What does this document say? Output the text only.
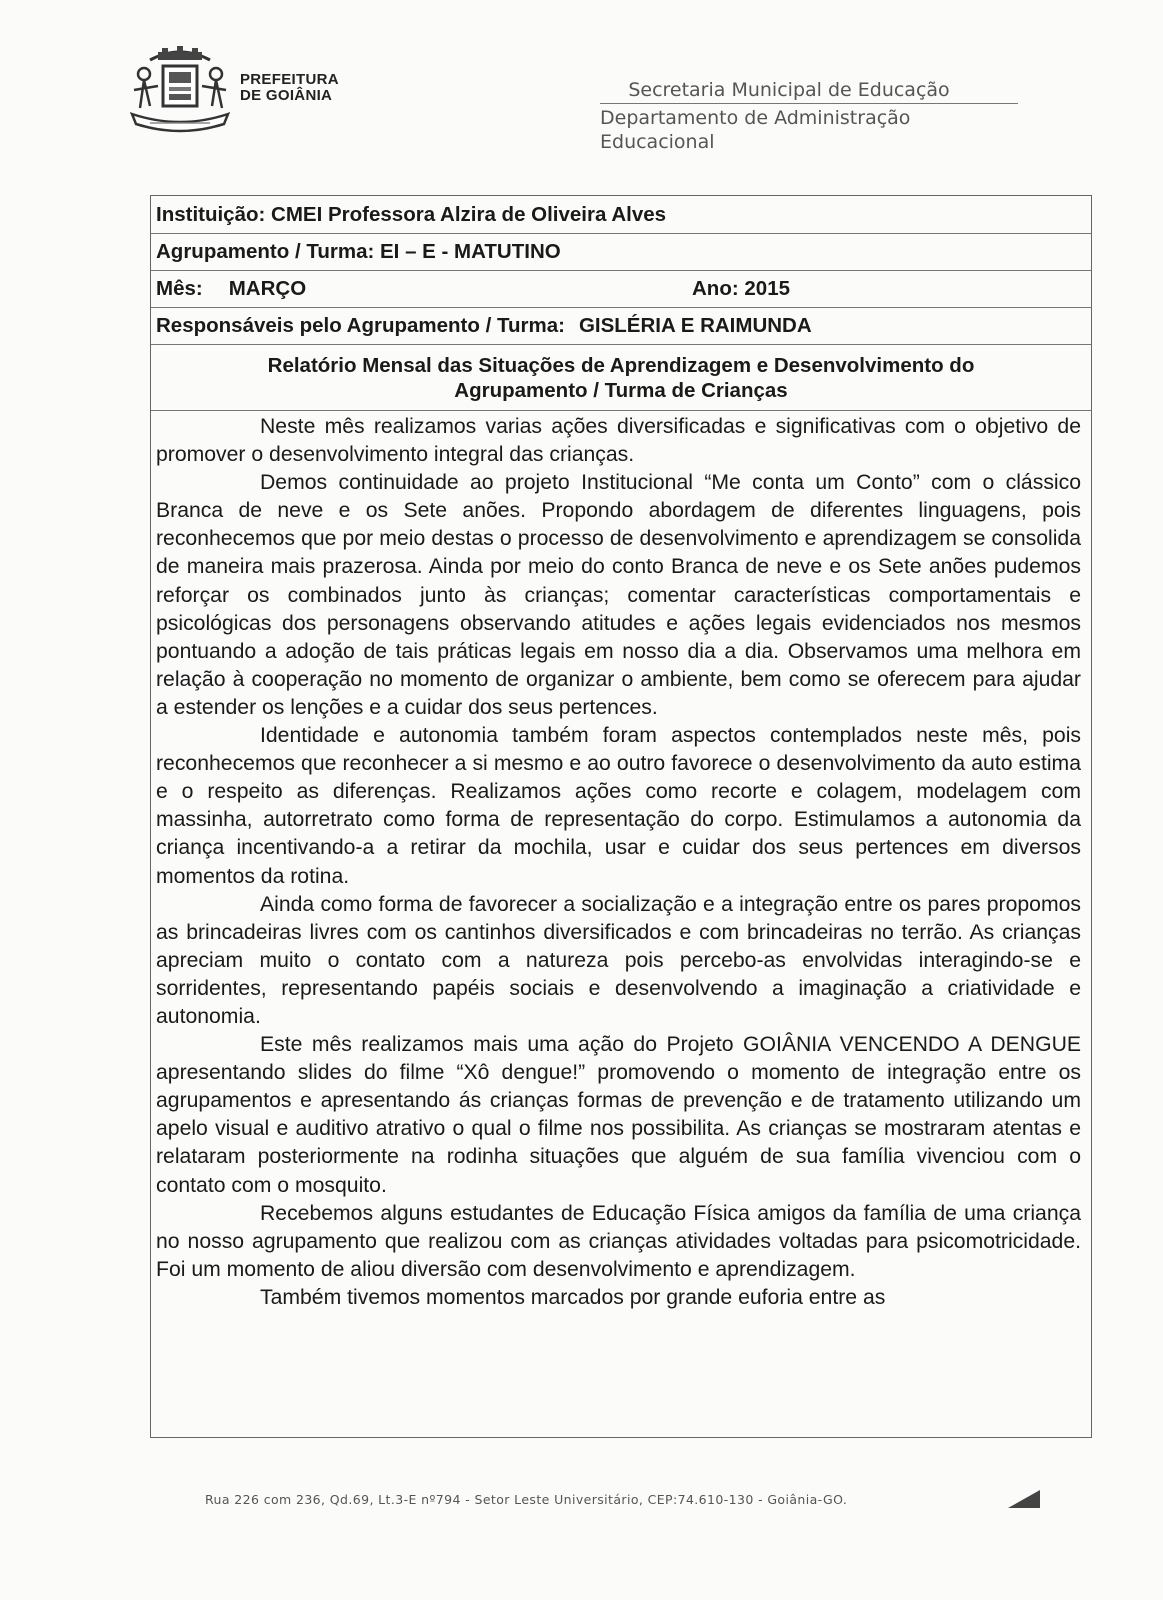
PREFEITURA
DE GOIÂNIA	Secretaria Municipal de Educação
Departamento de Administração Educacional
Instituição:
CMEI Professora Alzira de Oliveira Alves
Agrupamento / Turma:
EI – E - MATUTINO
Mês: MARÇO	Ano: 2015
Responsáveis pelo Agrupamento / Turma: GISLÉRIA E RAIMUNDA
Relatório Mensal das Situações de Aprendizagem e Desenvolvimento do
Agrupamento / Turma de Crianças

Neste mês realizamos varias ações diversificadas e significativas com o objetivo de promover o desenvolvimento integral das crianças.

Demos continuidade ao projeto Institucional “Me conta um Conto” com o clássico Branca de neve e os Sete anões. Propondo abordagem de diferentes linguagens, pois reconhecemos que por meio destas o processo de desenvolvimento e aprendizagem se consolida de maneira mais prazerosa. Ainda por meio do conto Branca de neve e os Sete anões pudemos reforçar os combinados junto às crianças; comentar características comportamentais e psicológicas dos personagens observando atitudes e ações legais evidenciados nos mesmos pontuando a adoção de tais práticas legais em nosso dia a dia. Observamos uma melhora em relação à cooperação no momento de organizar o ambiente, bem como se oferecem para ajudar a estender os lenções e a cuidar dos seus pertences.

Identidade e autonomia também foram aspectos contemplados neste mês, pois reconhecemos que reconhecer a si mesmo e ao outro favorece o desenvolvimento da auto estima e o respeito as diferenças. Realizamos ações como recorte e colagem, modelagem com massinha, autorretrato como forma de representação do corpo. Estimulamos a autonomia da criança incentivando-a a retirar da mochila, usar e cuidar dos seus pertences em diversos momentos da rotina.

Ainda como forma de favorecer a socialização e a integração entre os pares propomos as brincadeiras livres com os cantinhos diversificados e com brincadeiras no terrão. As crianças apreciam muito o contato com a natureza pois percebo-as envolvidas interagindo-se e sorridentes, representando papéis sociais e desenvolvendo a imaginação a criatividade e autonomia.

Este mês realizamos mais uma ação do Projeto GOIÂNIA VENCENDO A DENGUE apresentando slides do filme “Xô dengue!” promovendo o momento de integração entre os agrupamentos e apresentando ás crianças formas de prevenção e de tratamento utilizando um apelo visual e auditivo atrativo o qual o filme nos possibilita. As crianças se mostraram atentas e relataram posteriormente na rodinha situações que alguém de sua família vivenciou com o contato com o mosquito.

Recebemos alguns estudantes de Educação Física amigos da família de uma criança no nosso agrupamento que realizou com as crianças atividades voltadas para psicomotricidade. Foi um momento de aliou diversão com desenvolvimento e aprendizagem.

Também tivemos momentos marcados por grande euforia entre as

Rua 226 com 236, Qd.69, Lt.3-E nº794 - Setor Leste Universitário, CEP:74.610-130 - Goiânia-GO.
